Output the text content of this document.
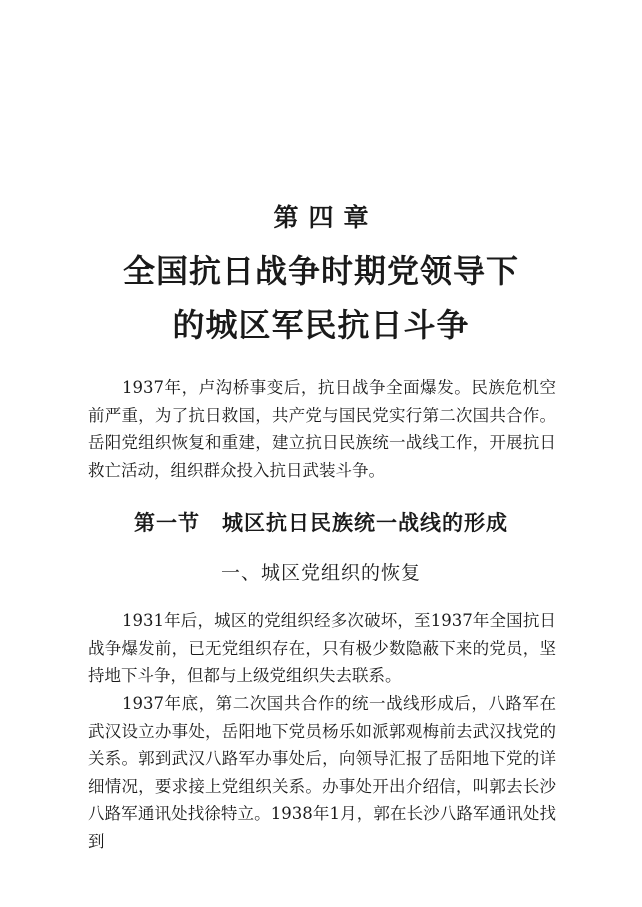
第四章
全国抗日战争时期党领导下
的城区军民抗日斗争

1937年，卢沟桥事变后，抗日战争全面爆发。民族危机空前严重，为了抗日救国，共产党与国民党实行第二次国共合作。岳阳党组织恢复和重建，建立抗日民族统一战线工作，开展抗日救亡活动，组织群众投入抗日武装斗争。

第一节 城区抗日民族统一战线的形成
一、城区党组织的恢复

1931年后，城区的党组织经多次破坏，至1937年全国抗日战争爆发前，已无党组织存在，只有极少数隐蔽下来的党员，坚持地下斗争，但都与上级党组织失去联系。

1937年底，第二次国共合作的统一战线形成后，八路军在武汉设立办事处，岳阳地下党员杨乐如派郭观梅前去武汉找党的关系。郭到武汉八路军办事处后，向领导汇报了岳阳地下党的详细情况，要求接上党组织关系。办事处开出介绍信，叫郭去长沙八路军通讯处找徐特立。1938年1月，郭在长沙八路军通讯处找到
